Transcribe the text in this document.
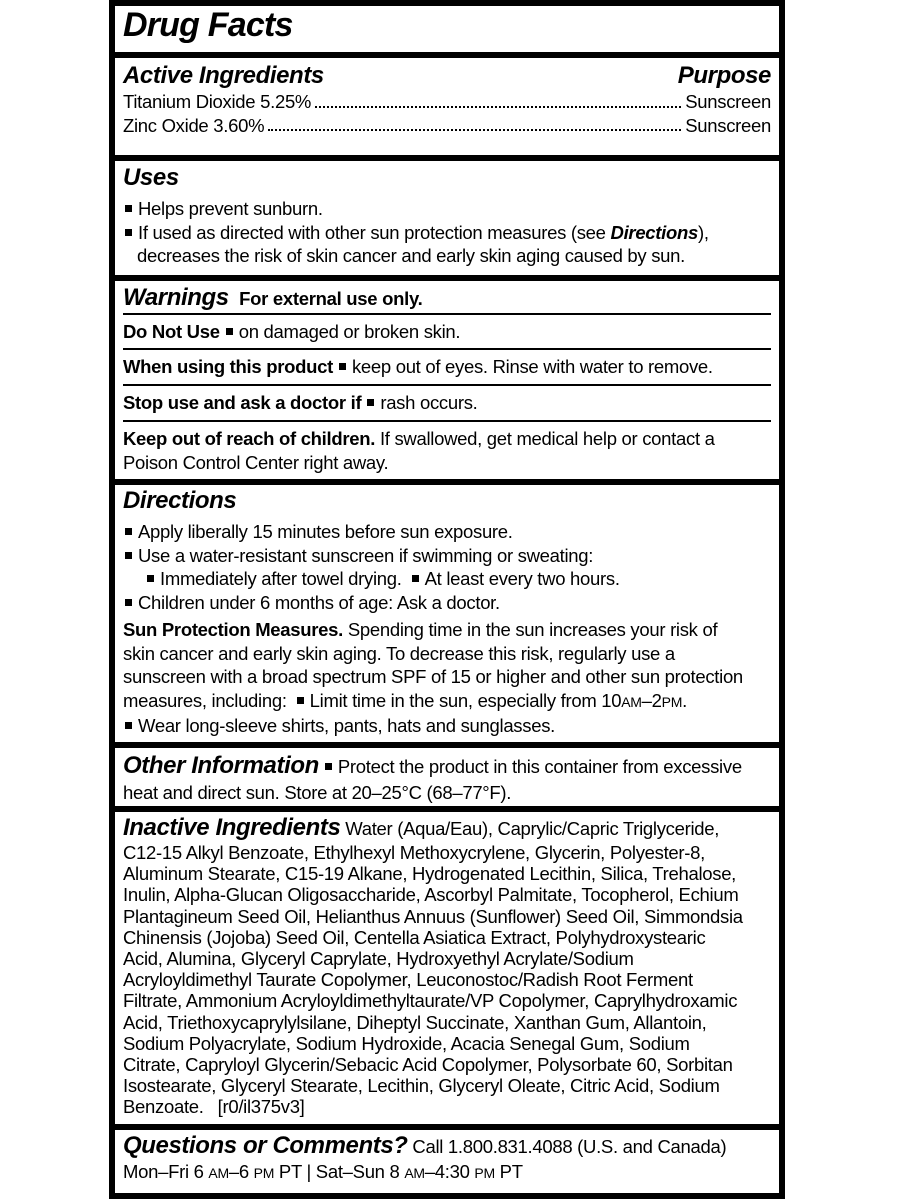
Drug Facts
Active Ingredients	Purpose
Titanium Dioxide 5.25%	Sunscreen
Zinc Oxide 3.60%	Sunscreen
Uses
Helps prevent sunburn.
If used as directed with other sun protection measures (see Directions),
decreases the risk of skin cancer and early skin aging caused by sun.
Warnings For external use only.
Do Not Use on damaged or broken skin.
When using this product keep out of eyes. Rinse with water to remove.
Stop use and ask a doctor if rash occurs.
Keep out of reach of children. If swallowed, get medical help or contact a
Poison Control Center right away.
Directions
Apply liberally 15 minutes before sun exposure.
Use a water-resistant sunscreen if swimming or sweating:
Immediately after towel drying. At least every two hours.
Children under 6 months of age: Ask a doctor.
Sun Protection Measures. Spending time in the sun increases your risk of
skin cancer and early skin aging. To decrease this risk, regularly use a
sunscreen with a broad spectrum SPF of 15 or higher and other sun protection
measures, including: Limit time in the sun, especially from 10AM–2PM.
Wear long-sleeve shirts, pants, hats and sunglasses.
Other Information Protect the product in this container from excessive
heat and direct sun. Store at 20–25°C (68–77°F).
Inactive Ingredients Water (Aqua/Eau), Caprylic/Capric Triglyceride,
C12-15 Alkyl Benzoate, Ethylhexyl Methoxycrylene, Glycerin, Polyester-8,
Aluminum Stearate, C15-19 Alkane, Hydrogenated Lecithin, Silica, Trehalose,
Inulin, Alpha-Glucan Oligosaccharide, Ascorbyl Palmitate, Tocopherol, Echium
Plantagineum Seed Oil, Helianthus Annuus (Sunflower) Seed Oil, Simmondsia
Chinensis (Jojoba) Seed Oil, Centella Asiatica Extract, Polyhydroxystearic
Acid, Alumina, Glyceryl Caprylate, Hydroxyethyl Acrylate/Sodium
Acryloyldimethyl Taurate Copolymer, Leuconostoc/Radish Root Ferment
Filtrate, Ammonium Acryloyldimethyltaurate/VP Copolymer, Caprylhydroxamic
Acid, Triethoxycaprylylsilane, Diheptyl Succinate, Xanthan Gum, Allantoin,
Sodium Polyacrylate, Sodium Hydroxide, Acacia Senegal Gum, Sodium
Citrate, Capryloyl Glycerin/Sebacic Acid Copolymer, Polysorbate 60, Sorbitan
Isostearate, Glyceryl Stearate, Lecithin, Glyceryl Oleate, Citric Acid, Sodium
Benzoate. [r0/il375v3]
Questions or Comments? Call 1.800.831.4088 (U.S. and Canada)
Mon–Fri 6 AM–6 PM PT | Sat–Sun 8 AM–4:30 PM PT
